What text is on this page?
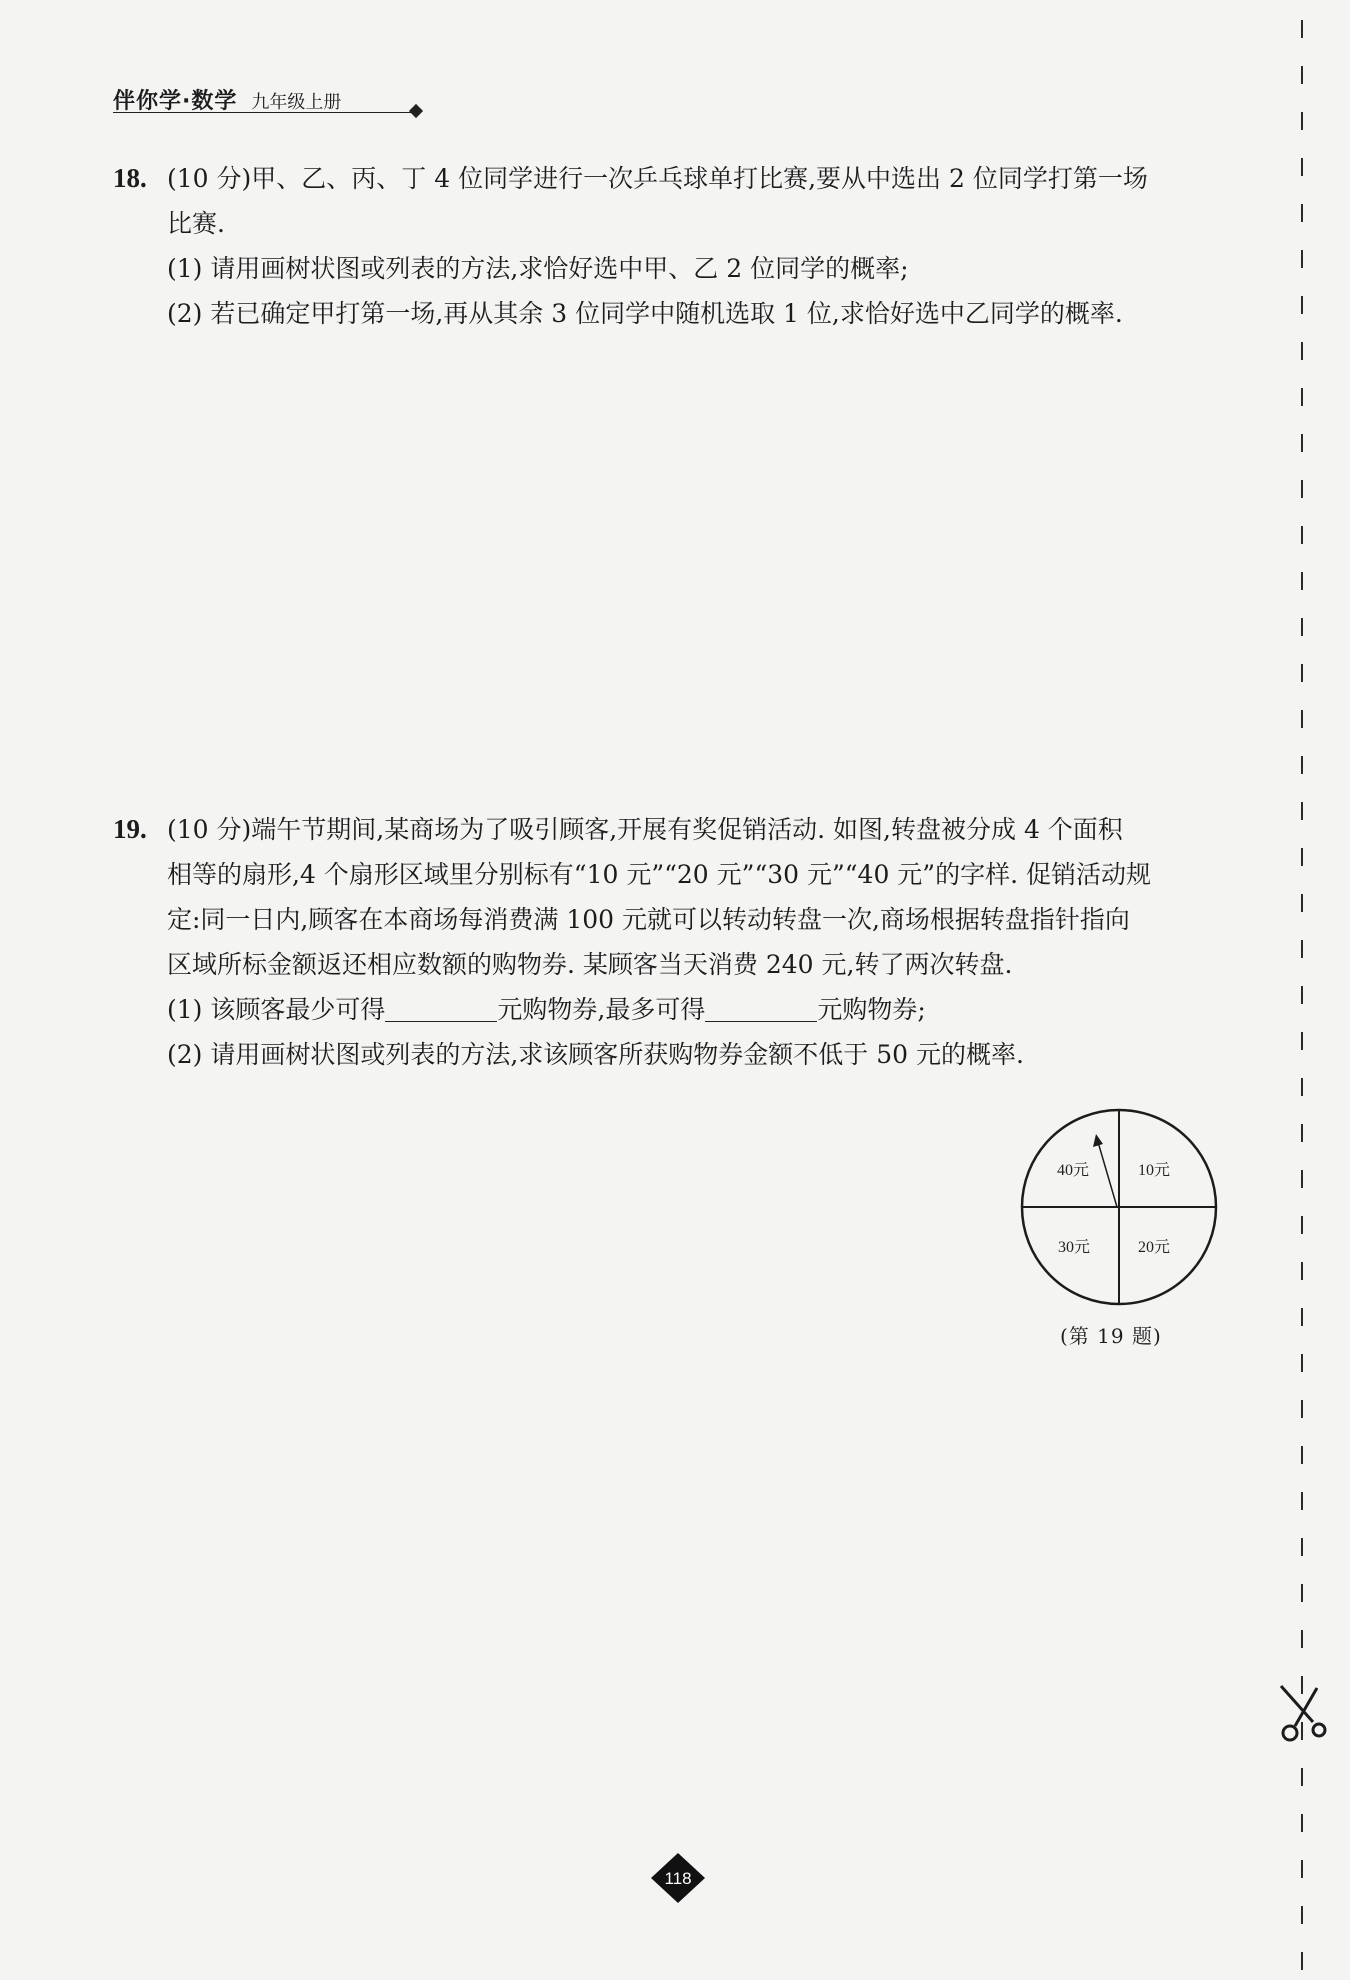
伴你学·数学 九年级上册
18. (10 分)甲、乙、丙、丁 4 位同学进行一次乒乓球单打比赛,要从中选出 2 位同学打第一场
比赛.
(1) 请用画树状图或列表的方法,求恰好选中甲、乙 2 位同学的概率;
(2) 若已确定甲打第一场,再从其余 3 位同学中随机选取 1 位,求恰好选中乙同学的概率.
19. (10 分)端午节期间,某商场为了吸引顾客,开展有奖促销活动. 如图,转盘被分成 4 个面积
相等的扇形,4 个扇形区域里分别标有“10 元”“20 元”“30 元”“40 元”的字样. 促销活动规
定:同一日内,顾客在本商场每消费满 100 元就可以转动转盘一次,商场根据转盘指针指向
区域所标金额返还相应数额的购物券. 某顾客当天消费 240 元,转了两次转盘.
(1) 该顾客最少可得	元购物券,最多可得	元购物券;
(2) 请用画树状图或列表的方法,求该顾客所获购物券金额不低于 50 元的概率.
10元
20元
30元
40元
(第 19 题)
118
